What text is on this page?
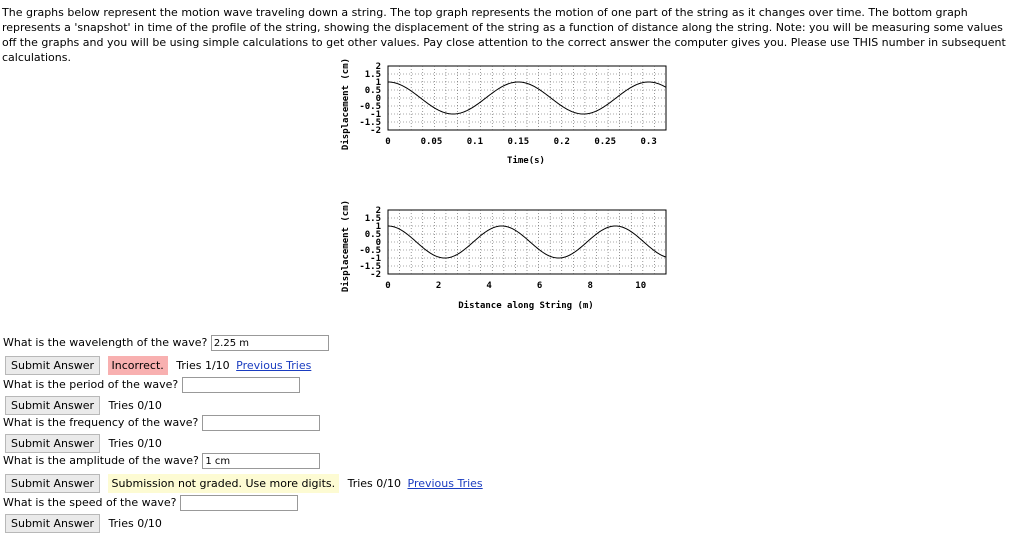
The graphs below represent the motion wave traveling down a string. The top graph represents the motion of one part of the string as it changes over time. The bottom graph represents a 'snapshot' in time of the profile of the string, showing the displacement of the string as a function of distance along the string. Note: you will be measuring some values off the graphs and you will be using simple calculations to get other values. Pay close attention to the correct answer the computer gives you. Please use THIS number in subsequent calculations.

Displacement (cm)	2
1.5
1
0.5
0
-0.5
-1
-1.5
-2
0	0.05	0.1	0.15	0.2	0.25	0.3
Time(s)
Displacement (cm)	2
1.5
1
0.5
0
-0.5
-1
-1.5
-2
0	2	4	6	8	10
Distance along String (m)
What is the wavelength of the wave? 2.25 m
Submit Answer Incorrect. Tries 1/10 Previous Tries
What is the period of the wave?
Submit Answer Tries 0/10
What is the frequency of the wave?
Submit Answer Tries 0/10
What is the amplitude of the wave? 1 cm
Submit Answer Submission not graded. Use more digits. Tries 0/10 Previous Tries
What is the speed of the wave?
Submit Answer Tries 0/10
